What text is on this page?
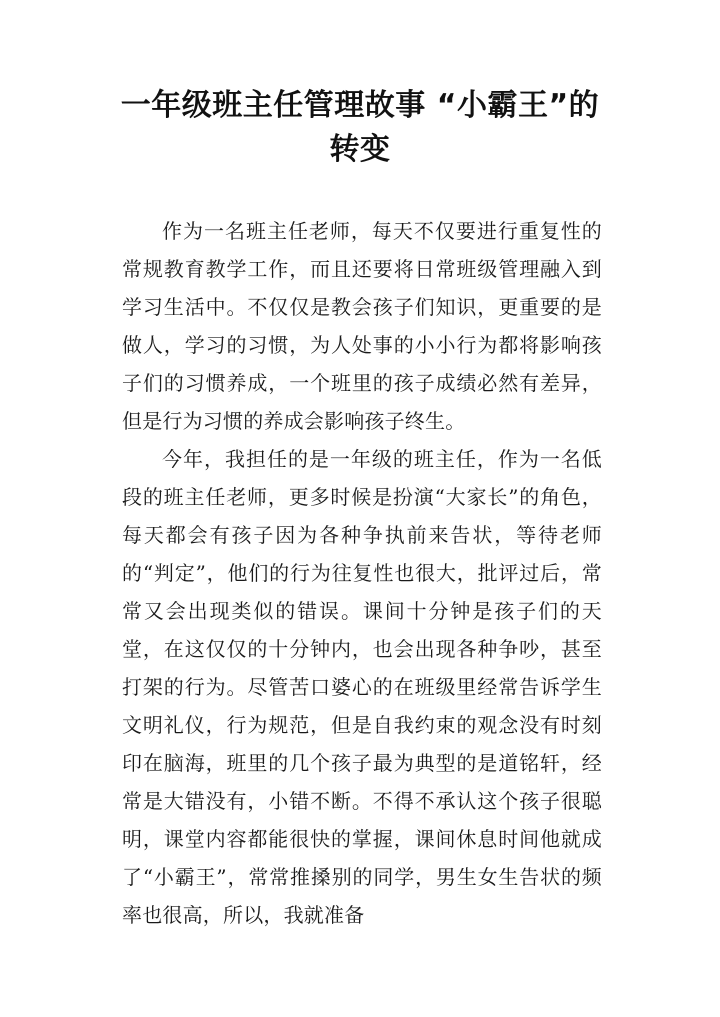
一年级班主任管理故事 “小霸王”的转变

作为一名班主任老师，每天不仅要进行重复性的常规教育教学工作，而且还要将日常班级管理融入到学习生活中。不仅仅是教会孩子们知识，更重要的是做人，学习的习惯，为人处事的小小行为都将影响孩子们的习惯养成，一个班里的孩子成绩必然有差异，但是行为习惯的养成会影响孩子终生。

今年，我担任的是一年级的班主任，作为一名低段的班主任老师，更多时候是扮演“大家长”的角色，每天都会有孩子因为各种争执前来告状，等待老师的“判定”，他们的行为往复性也很大，批评过后，常常又会出现类似的错误。课间十分钟是孩子们的天堂，在这仅仅的十分钟内，也会出现各种争吵，甚至打架的行为。尽管苦口婆心的在班级里经常告诉学生文明礼仪，行为规范，但是自我约束的观念没有时刻印在脑海，班里的几个孩子最为典型的是道铭轩，经常是大错没有，小错不断。不得不承认这个孩子很聪明，课堂内容都能很快的掌握，课间休息时间他就成了“小霸王”，常常推搡别的同学，男生女生告状的频率也很高，所以，我就准备
